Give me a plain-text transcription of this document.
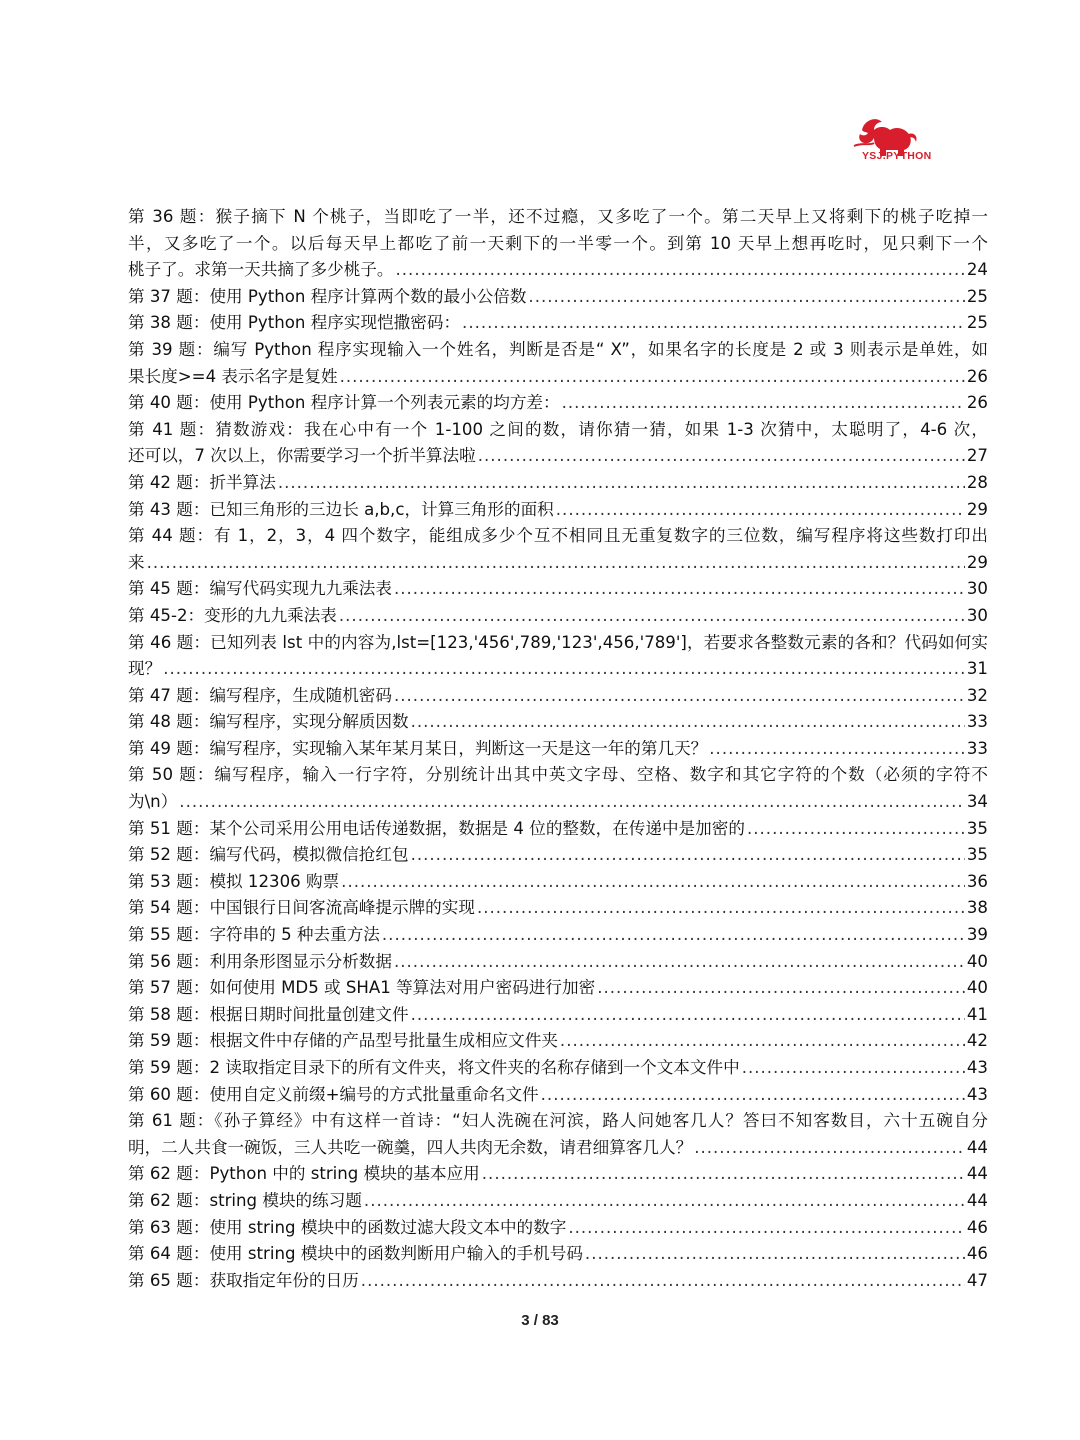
YSJ.PYTHON
第 36 题：猴子摘下 N 个桃子，当即吃了一半，还不过瘾，又多吃了一个。第二天早上又将剩下的桃子吃掉一
半，又多吃了一个。以后每天早上都吃了前一天剩下的一半零一个。到第 10 天早上想再吃时，见只剩下一个
桃子了。求第一天共摘了多少桃子。 .....	24
第 37 题：使用 Python 程序计算两个数的最小公倍数 .....	25
第 38 题：使用 Python 程序实现恺撒密码： .....	25
第 39 题：编写 Python 程序实现输入一个姓名，判断是否是“ X”，如果名字的长度是 2 或 3 则表示是单姓，如
果长度>=4 表示名字是复姓 .....	26
第 40 题：使用 Python 程序计算一个列表元素的均方差： .....	26
第 41 题：猜数游戏：我在心中有一个 1-100 之间的数，请你猜一猜，如果 1-3 次猜中，太聪明了，4-6 次，
还可以，7 次以上，你需要学习一个折半算法啦 .....	27
第 42 题：折半算法 .....	28
第 43 题：已知三角形的三边长 a,b,c，计算三角形的面积 .....	29
第 44 题：有 1，2，3，4 四个数字，能组成多少个互不相同且无重复数字的三位数，编写程序将这些数打印出
来 .....	29
第 45 题：编写代码实现九九乘法表 .....	30
第 45-2：变形的九九乘法表 .....	30
第 46 题：已知列表 lst 中的内容为,lst=[123,'456',789,'123',456,'789']，若要求各整数元素的各和？代码如何实
现？ .....	31
第 47 题：编写程序，生成随机密码 .....	32
第 48 题：编写程序，实现分解质因数 .....	33
第 49 题：编写程序，实现输入某年某月某日，判断这一天是这一年的第几天？ .....	33
第 50 题：编写程序，输入一行字符，分别统计出其中英文字母、空格、数字和其它字符的个数（必须的字符不
为\n） .....	34
第 51 题：某个公司采用公用电话传递数据，数据是 4 位的整数，在传递中是加密的 .....	35
第 52 题：编写代码，模拟微信抢红包 .....	35
第 53 题：模拟 12306 购票 .....	36
第 54 题：中国银行日间客流高峰提示牌的实现 .....	38
第 55 题：字符串的 5 种去重方法 .....	39
第 56 题：利用条形图显示分析数据 .....	40
第 57 题：如何使用 MD5 或 SHA1 等算法对用户密码进行加密 .....	40
第 58 题：根据日期时间批量创建文件 .....	41
第 59 题：根据文件中存储的产品型号批量生成相应文件夹 .....	42
第 59 题：2 读取指定目录下的所有文件夹，将文件夹的名称存储到一个文本文件中 .....	43
第 60 题：使用自定义前缀+编号的方式批量重命名文件 .....	43
第 61 题：《孙子算经》中有这样一首诗：“妇人洗碗在河滨，路人问她客几人？答曰不知客数目，六十五碗自分
明，二人共食一碗饭，三人共吃一碗羹，四人共肉无余数，请君细算客几人？ .....	44
第 62 题：Python 中的 string 模块的基本应用 .....	44
第 62 题：string 模块的练习题 .....	44
第 63 题：使用 string 模块中的函数过滤大段文本中的数字 .....	46
第 64 题：使用 string 模块中的函数判断用户输入的手机号码 .....	46
第 65 题：获取指定年份的日历 .....	47
3 / 83
